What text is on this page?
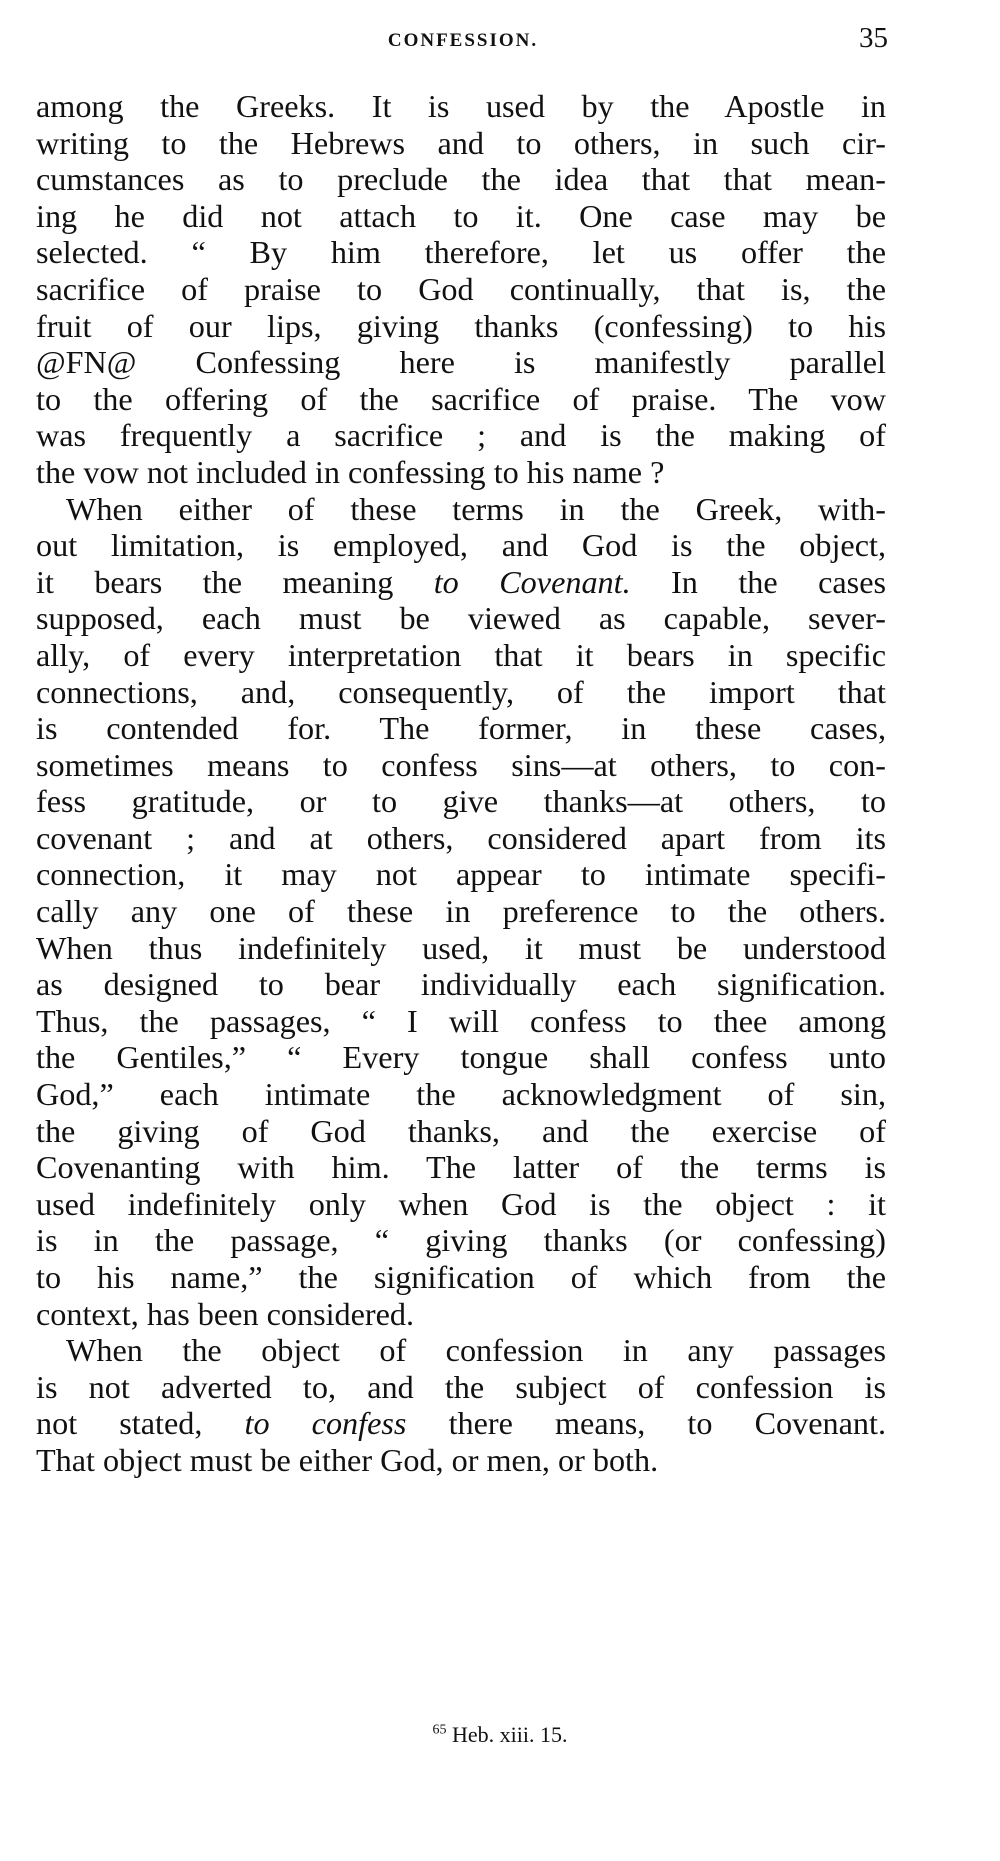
CONFESSION.	35
among the Greeks. It is used by the Apostle in
writing to the Hebrews and to others, in such cir-
cumstances as to preclude the idea that that mean-
ing he did not attach to it. One case may be
selected. “ By him therefore, let us offer the
sacrifice of praise to God continually, that is, the
fruit of our lips, giving thanks (confessing) to his
@FN@ Confessing here is manifestly parallel
to the offering of the sacrifice of praise. The vow
was frequently a sacrifice ; and is the making of
the vow not included in confessing to his name ?
When either of these terms in the Greek, with-
out limitation, is employed, and God is the object,
it bears the meaning to Covenant. In the cases
supposed, each must be viewed as capable, sever-
ally, of every interpretation that it bears in specific
connections, and, consequently, of the import that
is contended for. The former, in these cases,
sometimes means to confess sins—at others, to con-
fess gratitude, or to give thanks—at others, to
covenant ; and at others, considered apart from its
connection, it may not appear to intimate specifi-
cally any one of these in preference to the others.
When thus indefinitely used, it must be understood
as designed to bear individually each signification.
Thus, the passages, “ I will confess to thee among
the Gentiles,” “ Every tongue shall confess unto
God,” each intimate the acknowledgment of sin,
the giving of God thanks, and the exercise of
Covenanting with him. The latter of the terms is
used indefinitely only when God is the object : it
is in the passage, “ giving thanks (or confessing)
to his name,” the signification of which from the
context, has been considered.
When the object of confession in any passages
is not adverted to, and the subject of confession is
not stated, to confess there means, to Covenant.
That object must be either God, or men, or both.
$^{65}$ Heb. xiii. 15.
